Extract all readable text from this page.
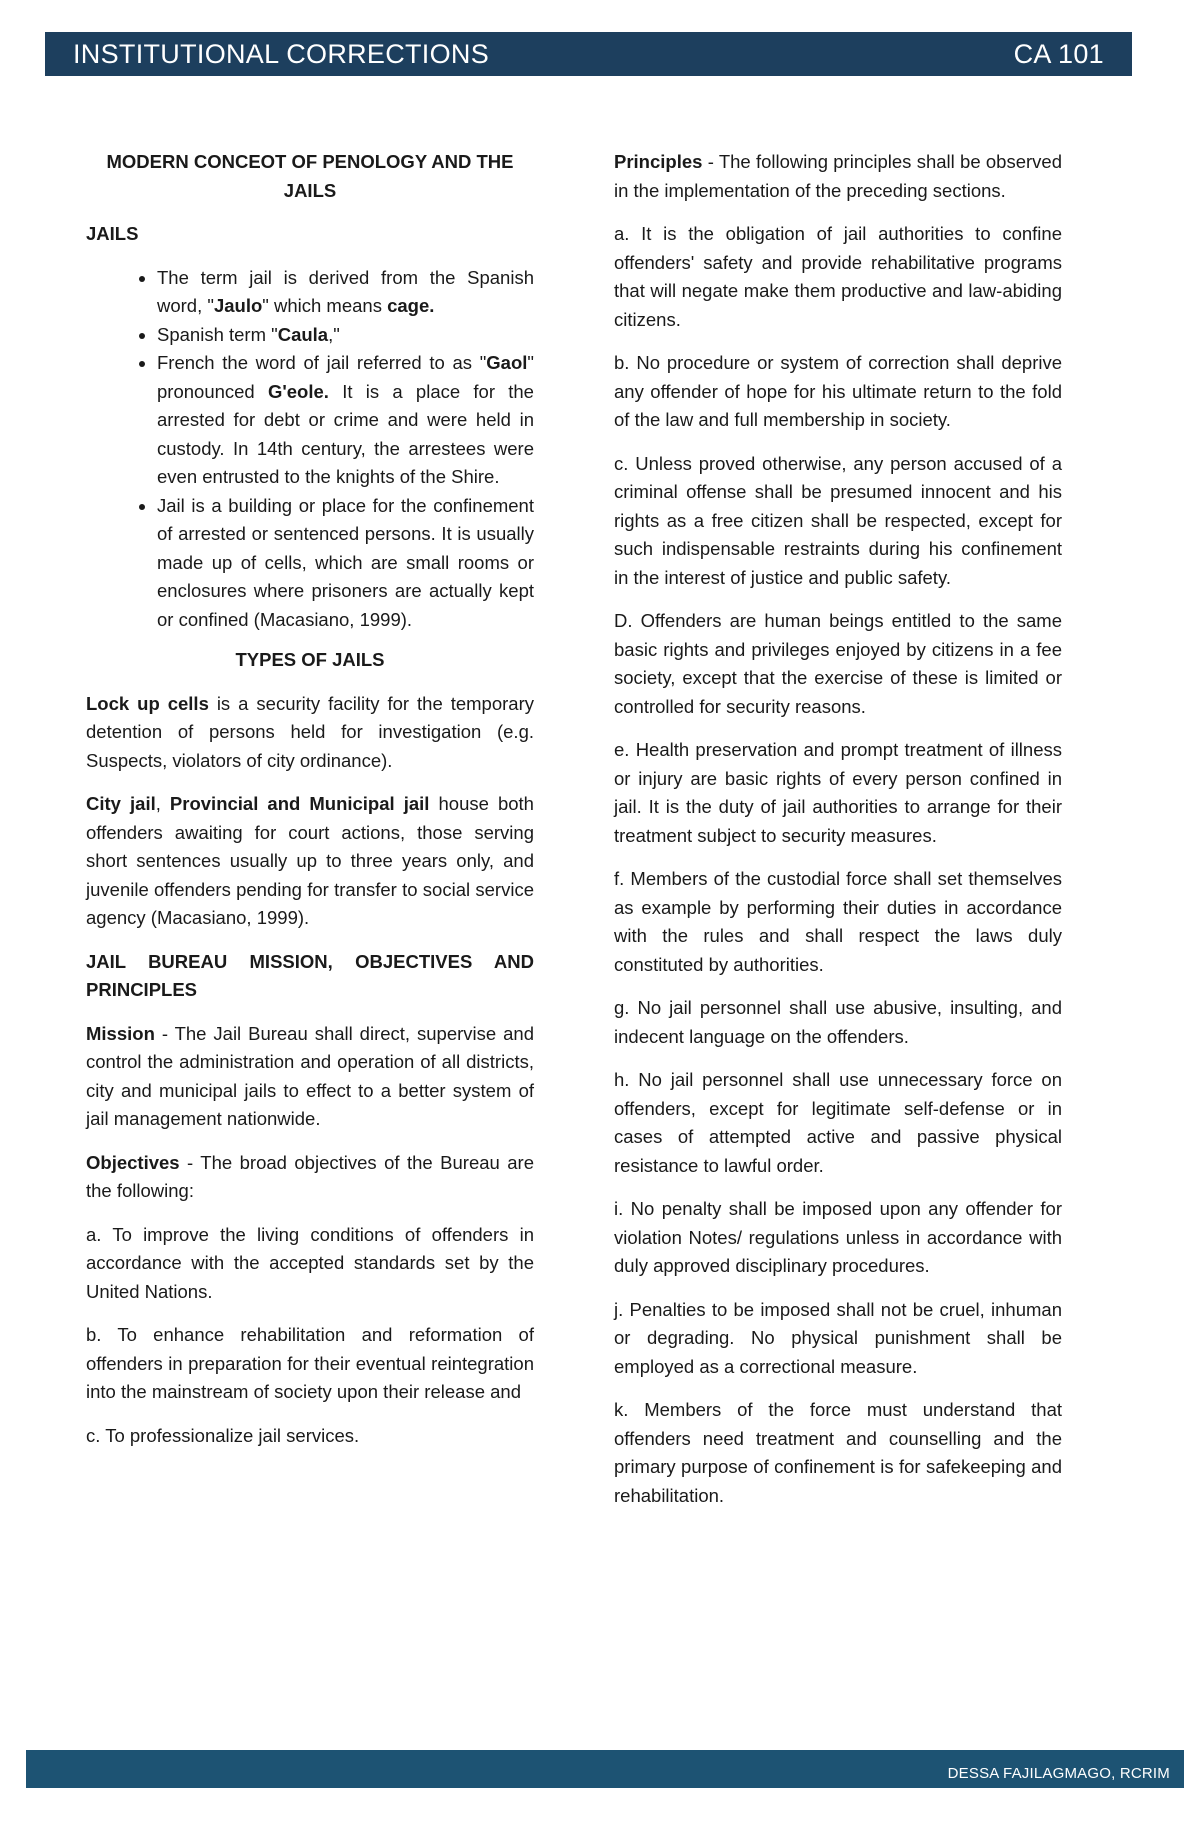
INSTITUTIONAL CORRECTIONS	CA 101

MODERN CONCEOT OF PENOLOGY AND THE JAILS

JAILS

• The term jail is derived from the Spanish word, "Jaulo" which means cage.
• Spanish term "Caula,"
• French the word of jail referred to as "Gaol" pronounced G'eole. It is a place for the arrested for debt or crime and were held in custody. In 14th century, the arrestees were even entrusted to the knights of the Shire.
• Jail is a building or place for the confinement of arrested or sentenced persons. It is usually made up of cells, which are small rooms or enclosures where prisoners are actually kept or confined (Macasiano, 1999).

TYPES OF JAILS

Lock up cells is a security facility for the temporary detention of persons held for investigation (e.g. Suspects, violators of city ordinance).

City jail, Provincial and Municipal jail house both offenders awaiting for court actions, those serving short sentences usually up to three years only, and juvenile offenders pending for transfer to social service agency (Macasiano, 1999).

JAIL BUREAU MISSION, OBJECTIVES AND PRINCIPLES

Mission - The Jail Bureau shall direct, supervise and control the administration and operation of all districts, city and municipal jails to effect to a better system of jail management nationwide.

Objectives - The broad objectives of the Bureau are the following:

a. To improve the living conditions of offenders in accordance with the accepted standards set by the United Nations.

b. To enhance rehabilitation and reformation of offenders in preparation for their eventual reintegration into the mainstream of society upon their release and

c. To professionalize jail services.

Principles - The following principles shall be observed in the implementation of the preceding sections.

a. It is the obligation of jail authorities to confine offenders' safety and provide rehabilitative programs that will negate make them productive and law-abiding citizens.

b. No procedure or system of correction shall deprive any offender of hope for his ultimate return to the fold of the law and full membership in society.

c. Unless proved otherwise, any person accused of a criminal offense shall be presumed innocent and his rights as a free citizen shall be respected, except for such indispensable restraints during his confinement in the interest of justice and public safety.

D. Offenders are human beings entitled to the same basic rights and privileges enjoyed by citizens in a fee society, except that the exercise of these is limited or controlled for security reasons.

e. Health preservation and prompt treatment of illness or injury are basic rights of every person confined in jail. It is the duty of jail authorities to arrange for their treatment subject to security measures.

f. Members of the custodial force shall set themselves as example by performing their duties in accordance with the rules and shall respect the laws duly constituted by authorities.

g. No jail personnel shall use abusive, insulting, and indecent language on the offenders.

h. No jail personnel shall use unnecessary force on offenders, except for legitimate self-defense or in cases of attempted active and passive physical resistance to lawful order.

i. No penalty shall be imposed upon any offender for violation Notes/ regulations unless in accordance with duly approved disciplinary procedures.

j. Penalties to be imposed shall not be cruel, inhuman or degrading. No physical punishment shall be employed as a correctional measure.

k. Members of the force must understand that offenders need treatment and counselling and the primary purpose of confinement is for safekeeping and rehabilitation.

DESSA FAJILAGMAGO, RCRIM
